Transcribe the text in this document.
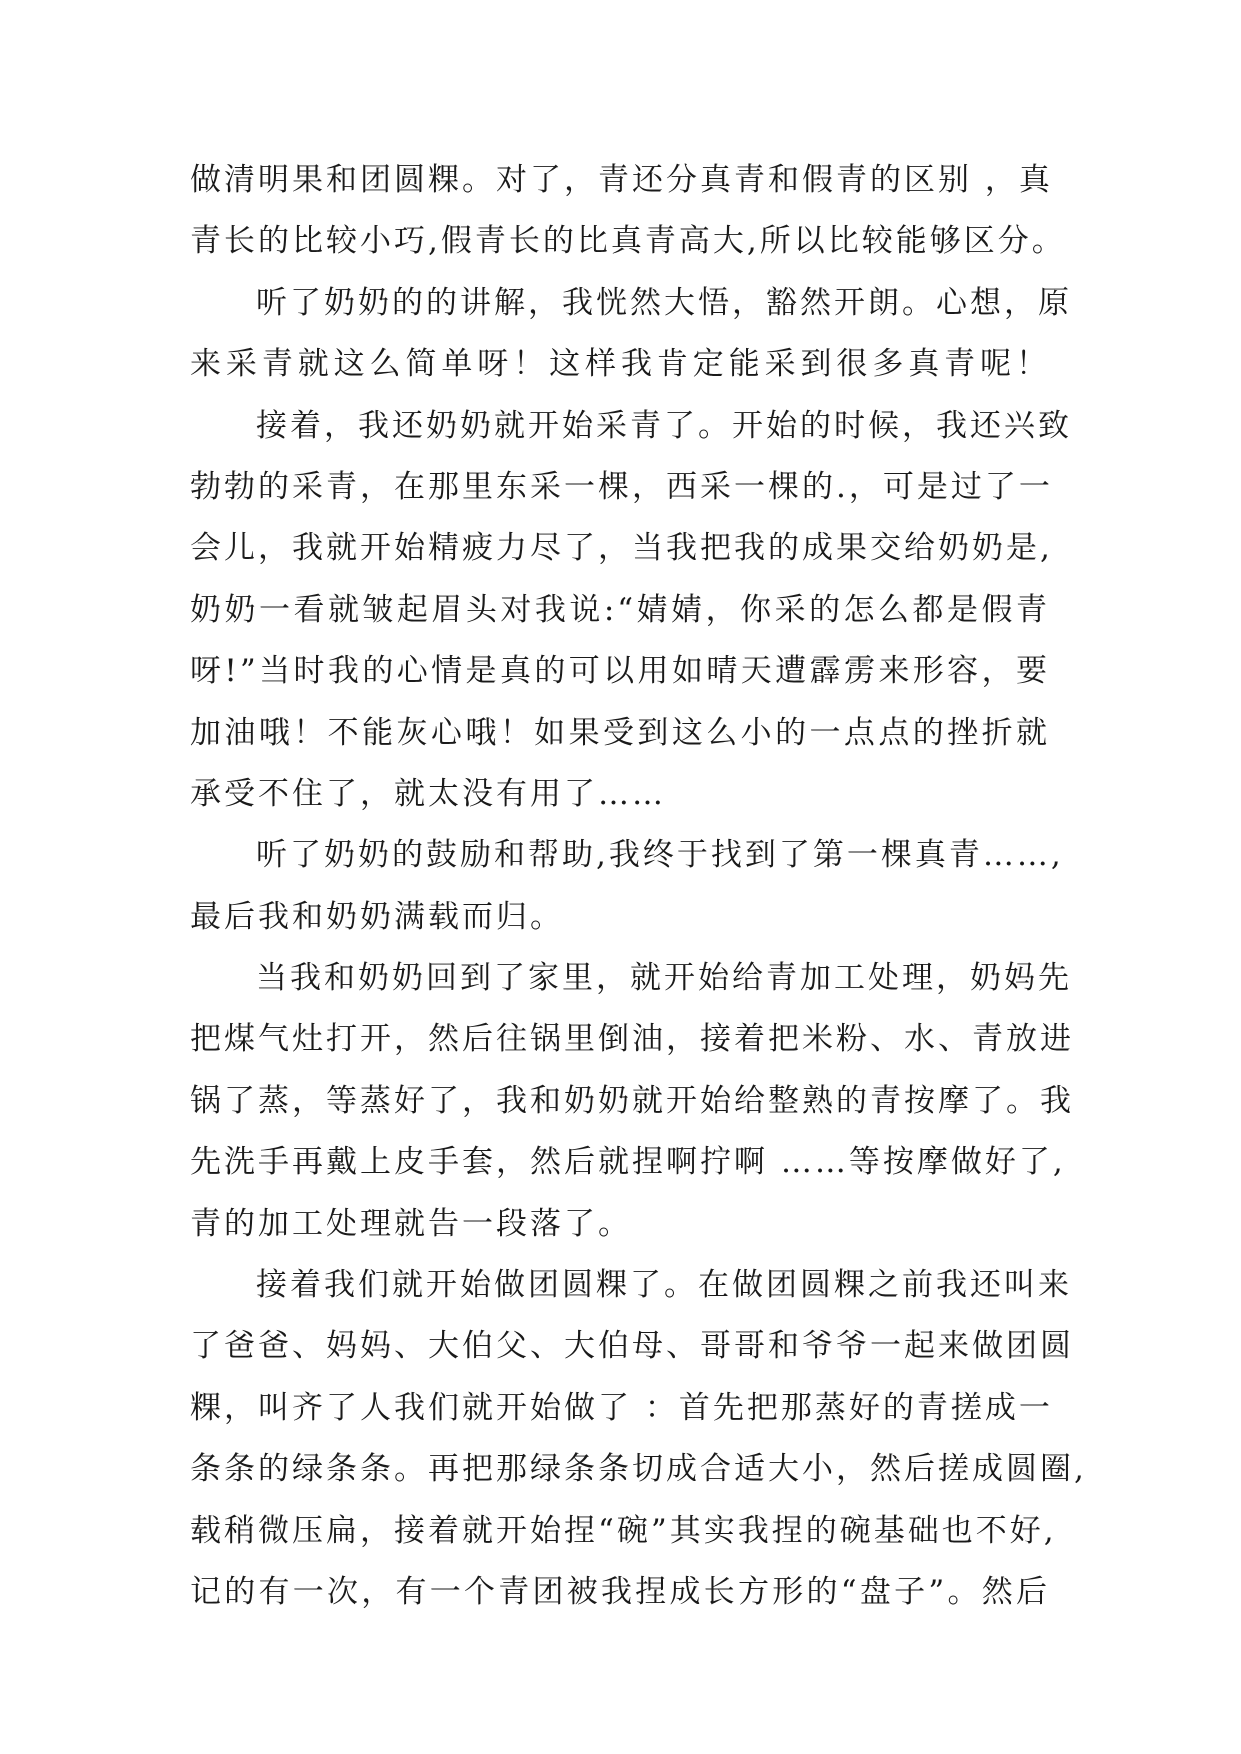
做清明果和团圆粿。对了，青还分真青和假青的区别 ，真
青长的比较小巧,假青长的比真青高大,所以比较能够区分。
听了奶奶的的讲解，我恍然大悟，豁然开朗。心想，原
来采青就这么简单呀！这样我肯定能采到很多真青呢！
接着，我还奶奶就开始采青了。开始的时候，我还兴致
勃勃的采青，在那里东采一棵，西采一棵的.，可是过了一
会儿，我就开始精疲力尽了，当我把我的成果交给奶奶是,
奶奶一看就皱起眉头对我说:“婧婧，你采的怎么都是假青
呀!”当时我的心情是真的可以用如晴天遭霹雳来形容，要
加油哦！不能灰心哦！如果受到这么小的一点点的挫折就
承受不住了，就太没有用了……
听了奶奶的鼓励和帮助,我终于找到了第一棵真青……,
最后我和奶奶满载而归。
当我和奶奶回到了家里，就开始给青加工处理，奶妈先
把煤气灶打开，然后往锅里倒油，接着把米粉、水、青放进
锅了蒸，等蒸好了，我和奶奶就开始给整熟的青按摩了。我
先洗手再戴上皮手套，然后就捏啊拧啊 ……等按摩做好了,
青的加工处理就告一段落了。
接着我们就开始做团圆粿了。在做团圆粿之前我还叫来
了爸爸、妈妈、大伯父、大伯母、哥哥和爷爷一起来做团圆
粿，叫齐了人我们就开始做了 ：首先把那蒸好的青搓成一
条条的绿条条。再把那绿条条切成合适大小，然后搓成圆圈,
载稍微压扁，接着就开始捏“碗”其实我捏的碗基础也不好,
记的有一次，有一个青团被我捏成长方形的“盘子”。然后
